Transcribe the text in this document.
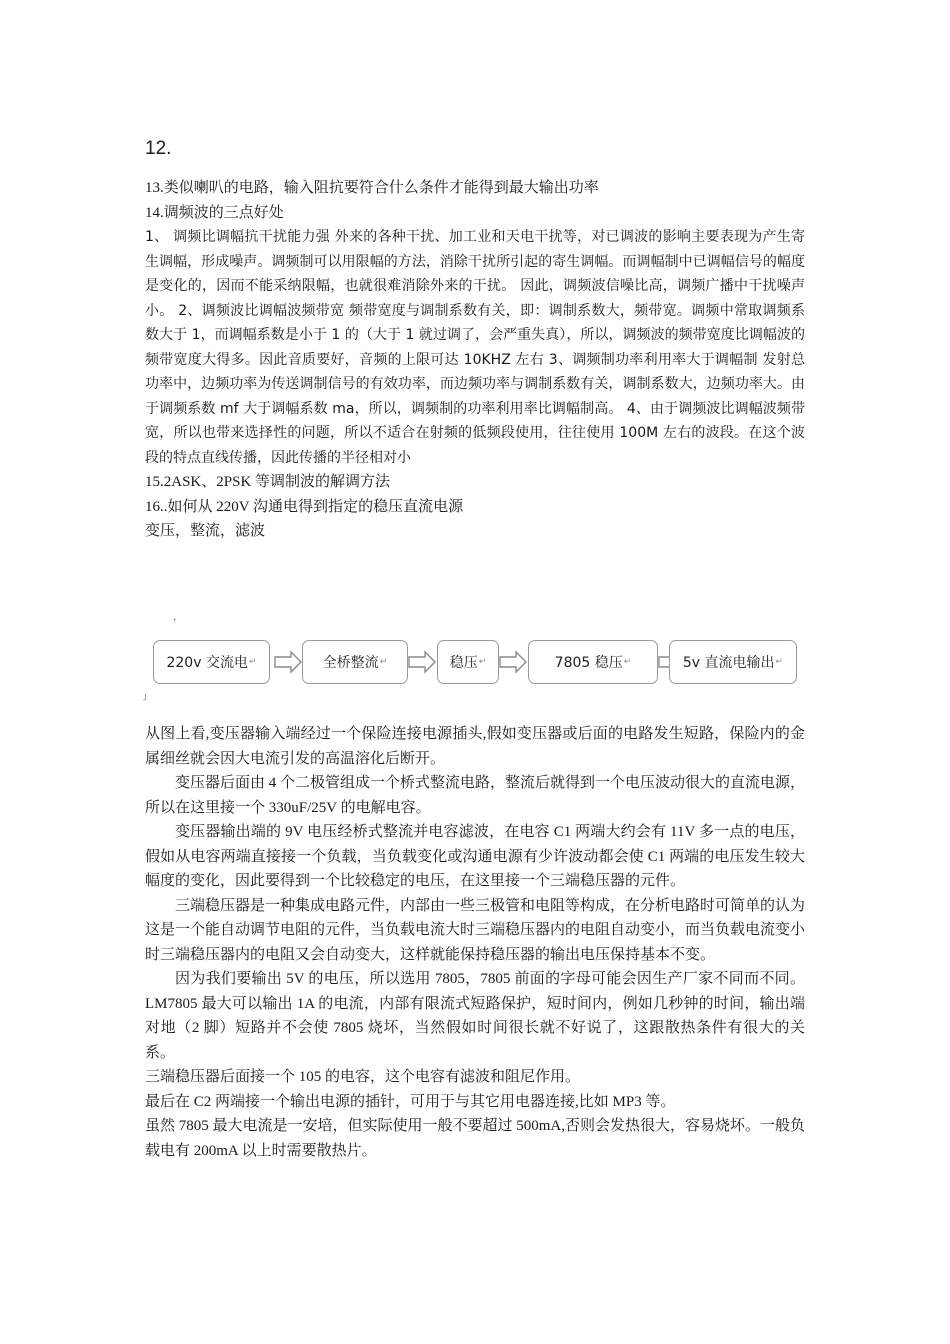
12.

13.类似喇叭的电路，输入阻抗要符合什么条件才能得到最大输出功率

14.调频波的三点好处

1、 调频比调幅抗干扰能力强 外来的各种干扰、加工业和天电干扰等，对已调波的影响主要表现为产生寄生调幅，形成噪声。调频制可以用限幅的方法，消除干扰所引起的寄生调幅。而调幅制中已调幅信号的幅度是变化的，因而不能采纳限幅，也就很难消除外来的干扰。 因此，调频波信噪比高，调频广播中干扰噪声小。 2、调频波比调幅波频带宽 频带宽度与调制系数有关，即：调制系数大，频带宽。调频中常取调频系数大于 1，而调幅系数是小于 1 的（大于 1 就过调了，会严重失真），所以，调频波的频带宽度比调幅波的频带宽度大得多。因此音质要好，音频的上限可达 10KHZ 左右 3、调频制功率利用率大于调幅制 发射总功率中，边频功率为传送调制信号的有效功率，而边频功率与调制系数有关，调制系数大，边频功率大。由于调频系数 mf 大于调幅系数 ma，所以，调频制的功率利用率比调幅制高。 4、由于调频波比调幅波频带宽，所以也带来选择性的问题，所以不适合在射频的低频段使用，往往使用 100M 左右的波段。在这个波段的特点直线传播，因此传播的半径相对小

15.2ASK、2PSK 等调制波的解调方法

16..如何从 220V 沟通电得到指定的稳压直流电源

变压，整流，滤波

ꜛ
220v 交流电 ↵	全桥整流 ↵	稳压 ↵	7805 稳压 ↵	5v 直流电输出 ↵
˩

从图上看,变压器输入端经过一个保险连接电源插头,假如变压器或后面的电路发生短路，保险内的金属细丝就会因大电流引发的高温溶化后断开。

变压器后面由 4 个二极管组成一个桥式整流电路，整流后就得到一个电压波动很大的直流电源，所以在这里接一个 330uF/25V 的电解电容。

变压器输出端的 9V 电压经桥式整流并电容滤波，在电容 C1 两端大约会有 11V 多一点的电压，假如从电容两端直接接一个负载，当负载变化或沟通电源有少许波动都会使 C1 两端的电压发生较大幅度的变化，因此要得到一个比较稳定的电压，在这里接一个三端稳压器的元件。

三端稳压器是一种集成电路元件，内部由一些三极管和电阻等构成，在分析电路时可简单的认为这是一个能自动调节电阻的元件，当负载电流大时三端稳压器内的电阻自动变小，而当负载电流变小时三端稳压器内的电阻又会自动变大，这样就能保持稳压器的输出电压保持基本不变。

因为我们要输出 5V 的电压，所以选用 7805，7805 前面的字母可能会因生产厂家不同而不同。LM7805 最大可以输出 1A 的电流，内部有限流式短路保护，短时间内，例如几秒钟的时间，输出端对地（2 脚）短路并不会使 7805 烧坏，当然假如时间很长就不好说了，这跟散热条件有很大的关系。

三端稳压器后面接一个 105 的电容，这个电容有滤波和阻尼作用。

最后在 C2 两端接一个输出电源的插针，可用于与其它用电器连接,比如 MP3 等。

虽然 7805 最大电流是一安培，但实际使用一般不要超过 500mA,否则会发热很大，容易烧坏。一般负载电有 200mA 以上时需要散热片。
